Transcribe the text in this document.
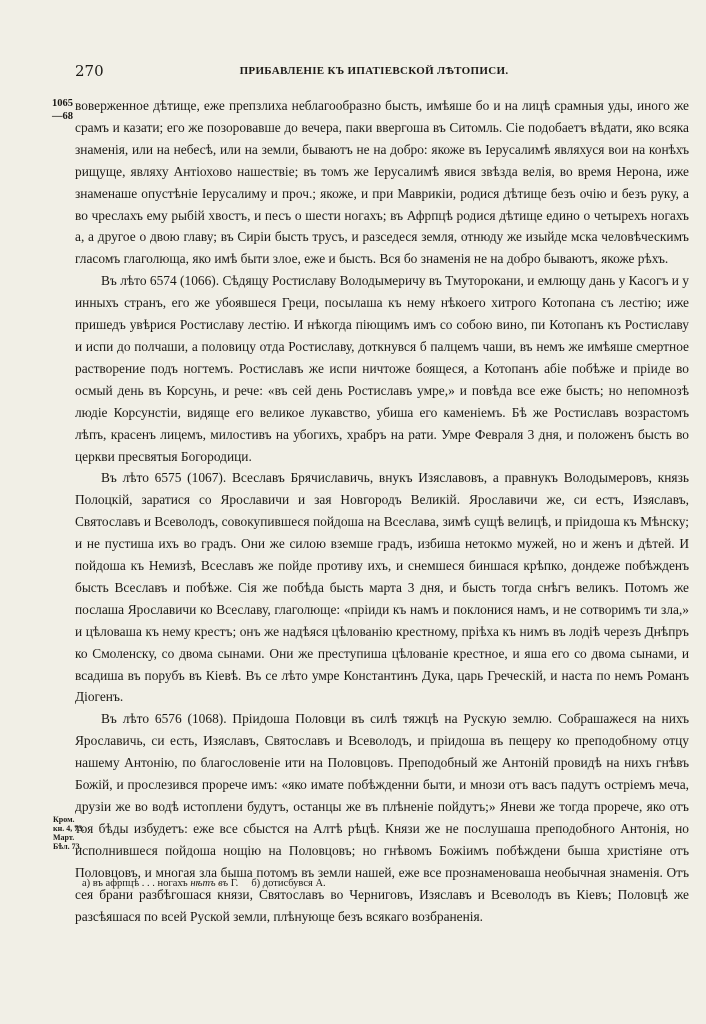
270	ПРИБАВЛЕНІЕ КЪ ИПАТІЕВСКОЙ ЛѢТОПИСИ.
1065
—68
Кром.
кн. 4, 73.
Март.
Бѣл. 73.

воверженное дѣтище, еже препзлиха неблагообразно бысть, имѣяше бо и на лицѣ срамныя уды, иного же срамъ и казати; его же позоровавше до вечера, паки ввергоша въ Ситомль. Сіе подобаетъ вѣдати, яко всяка знаменія, или на небесѣ, или на земли, бываютъ не на добро: якоже въ Іерусалимѣ являхуся вои на конѣхъ рищуще, являху Антіохово нашествіе; въ томъ же Іерусалимѣ явися звѣзда велія, во время Нерона, иже знаменаше опустѣніе Іерусалиму и проч.; якоже, и при Маврикіи, родися дѣтище безъ очію и безъ руку, а во чреслахъ ему рыбій хвостъ, и песъ о шести ногахъ; въ Афрпцѣ родися дѣтище едино о четырехъ ногахъ а, а другое о двою главу; въ Сиріи бысть трусъ, и разседеся земля, отнюду же изыйде мска человѣческимъ гласомъ глаголюща, яко имѣ быти злое, еже и бысть. Вся бо знаменія не на добро бываютъ, якоже рѣхъ.

Въ лѣто 6574 (1066). Сѣдящу Ростиславу Володымеричу въ Тмуторокани, и емлющу дань у Касогъ и у инныхъ странъ, его же убоявшеся Греци, посылаша къ нему нѣкоего хитрого Котопана съ лестію; иже пришедъ увѣрися Ростиславу лестію. И нѣкогда піющимъ имъ со собою вино, пи Котопанъ къ Ростиславу и испи до полчаши, а половицу отда Ростиславу, доткнувся б палцемъ чаши, въ немъ же имѣяше смертное растворение подъ ногтемъ. Ростиславъ же испи ничтоже боящеся, а Котопанъ абіе побѣже и пріиде во осмый день въ Корсунь, и рече: «въ сей день Ростиславъ умре,» и повѣда все еже бысть; но непомнозѣ людіе Корсунстіи, видяще его великое лукавство, убиша его каменіемъ. Бѣ же Ростиславъ возрастомъ лѣпъ, красенъ лицемъ, милостивъ на убогихъ, храбръ на рати. Умре Февраля 3 дня, и положенъ бысть во церкви пресвятыя Богородици.

Въ лѣто 6575 (1067). Всеславъ Брячиславичь, внукъ Изяславовъ, а правнукъ Володымеровъ, князь Полоцкій, заратися со Ярославичи и зая Новгородъ Великій. Ярославичи же, си естъ, Изяславъ, Святославъ и Всеволодъ, совокупившеся пойдоша на Всеслава, зимѣ сущѣ велицѣ, и пріидоша къ Мѣнску; и не пустиша ихъ во градъ. Они же силою вземше градъ, избиша нетокмо мужей, но и женъ и дѣтей. И пойдоша къ Немизѣ, Всеславъ же пойде противу ихъ, и снемшеся биншася крѣпко, дондеже побѣжденъ бысть Всеславъ и побѣже. Сія же побѣда бысть марта 3 дня, и бысть тогда снѣгъ великъ. Потомъ же послаша Ярославичи ко Всеславу, глаголюще: «пріиди къ намъ и поклонися намъ, и не сотворимъ ти зла,» и цѣловаша къ нему крестъ; онъ же надѣяся цѣлованію крестному, пріѣха къ нимъ въ лодіѣ черезъ Днѣпръ ко Смоленску, со двома сынами. Они же преступиша цѣлованіе крестное, и яша его со двома сынами, и всадиша въ порубъ въ Кіевѣ. Въ се лѣто умре Константинъ Дука, царь Греческій, и наста по немъ Романъ Діогенъ.

Въ лѣто 6576 (1068). Пріидоша Половци въ силѣ тяжцѣ на Рускую землю. Собрашажеся на нихъ Ярославичь, си есть, Изяславъ, Святославъ и Всеволодъ, и пріидоша въ пещеру ко преподобному отцу нашему Антонію, по благословеніе ити на Половцовъ. Преподобный же Антоній провидѣ на нихъ гнѣвъ Божій, и прослезився прорече имъ: «яко имате побѣжденни быти, и мнози отъ васъ падутъ остріемъ меча, друзіи же во водѣ истоплени будутъ, останцы же въ плѣненіе пойдутъ;» Яневи же тогда прорече, яко отъ тоя бѣды избудетъ: еже все сбыстся на Алтѣ рѣцѣ. Князи же не послушаша преподобного Антонія, но исполнившеся пойдоша нощію на Половцовъ; но гнѣвомъ Божіимъ побѣждени быша христіяне отъ Половцовъ, и многая зла быша потомъ въ земли нашей, еже все прознаменоваша необычная знаменія. Отъ сея брани разбѣгошася князи, Святославъ во Черниговъ, Изяславъ и Всеволодъ въ Кіевъ; Половцѣ же разсѣяшася по всей Руской земли, плѣнующе безъ всякаго возбраненія.

а) въ афрпцѣ . . . ногахъ нѣтъ въ Г. б) дотисбувся А.
